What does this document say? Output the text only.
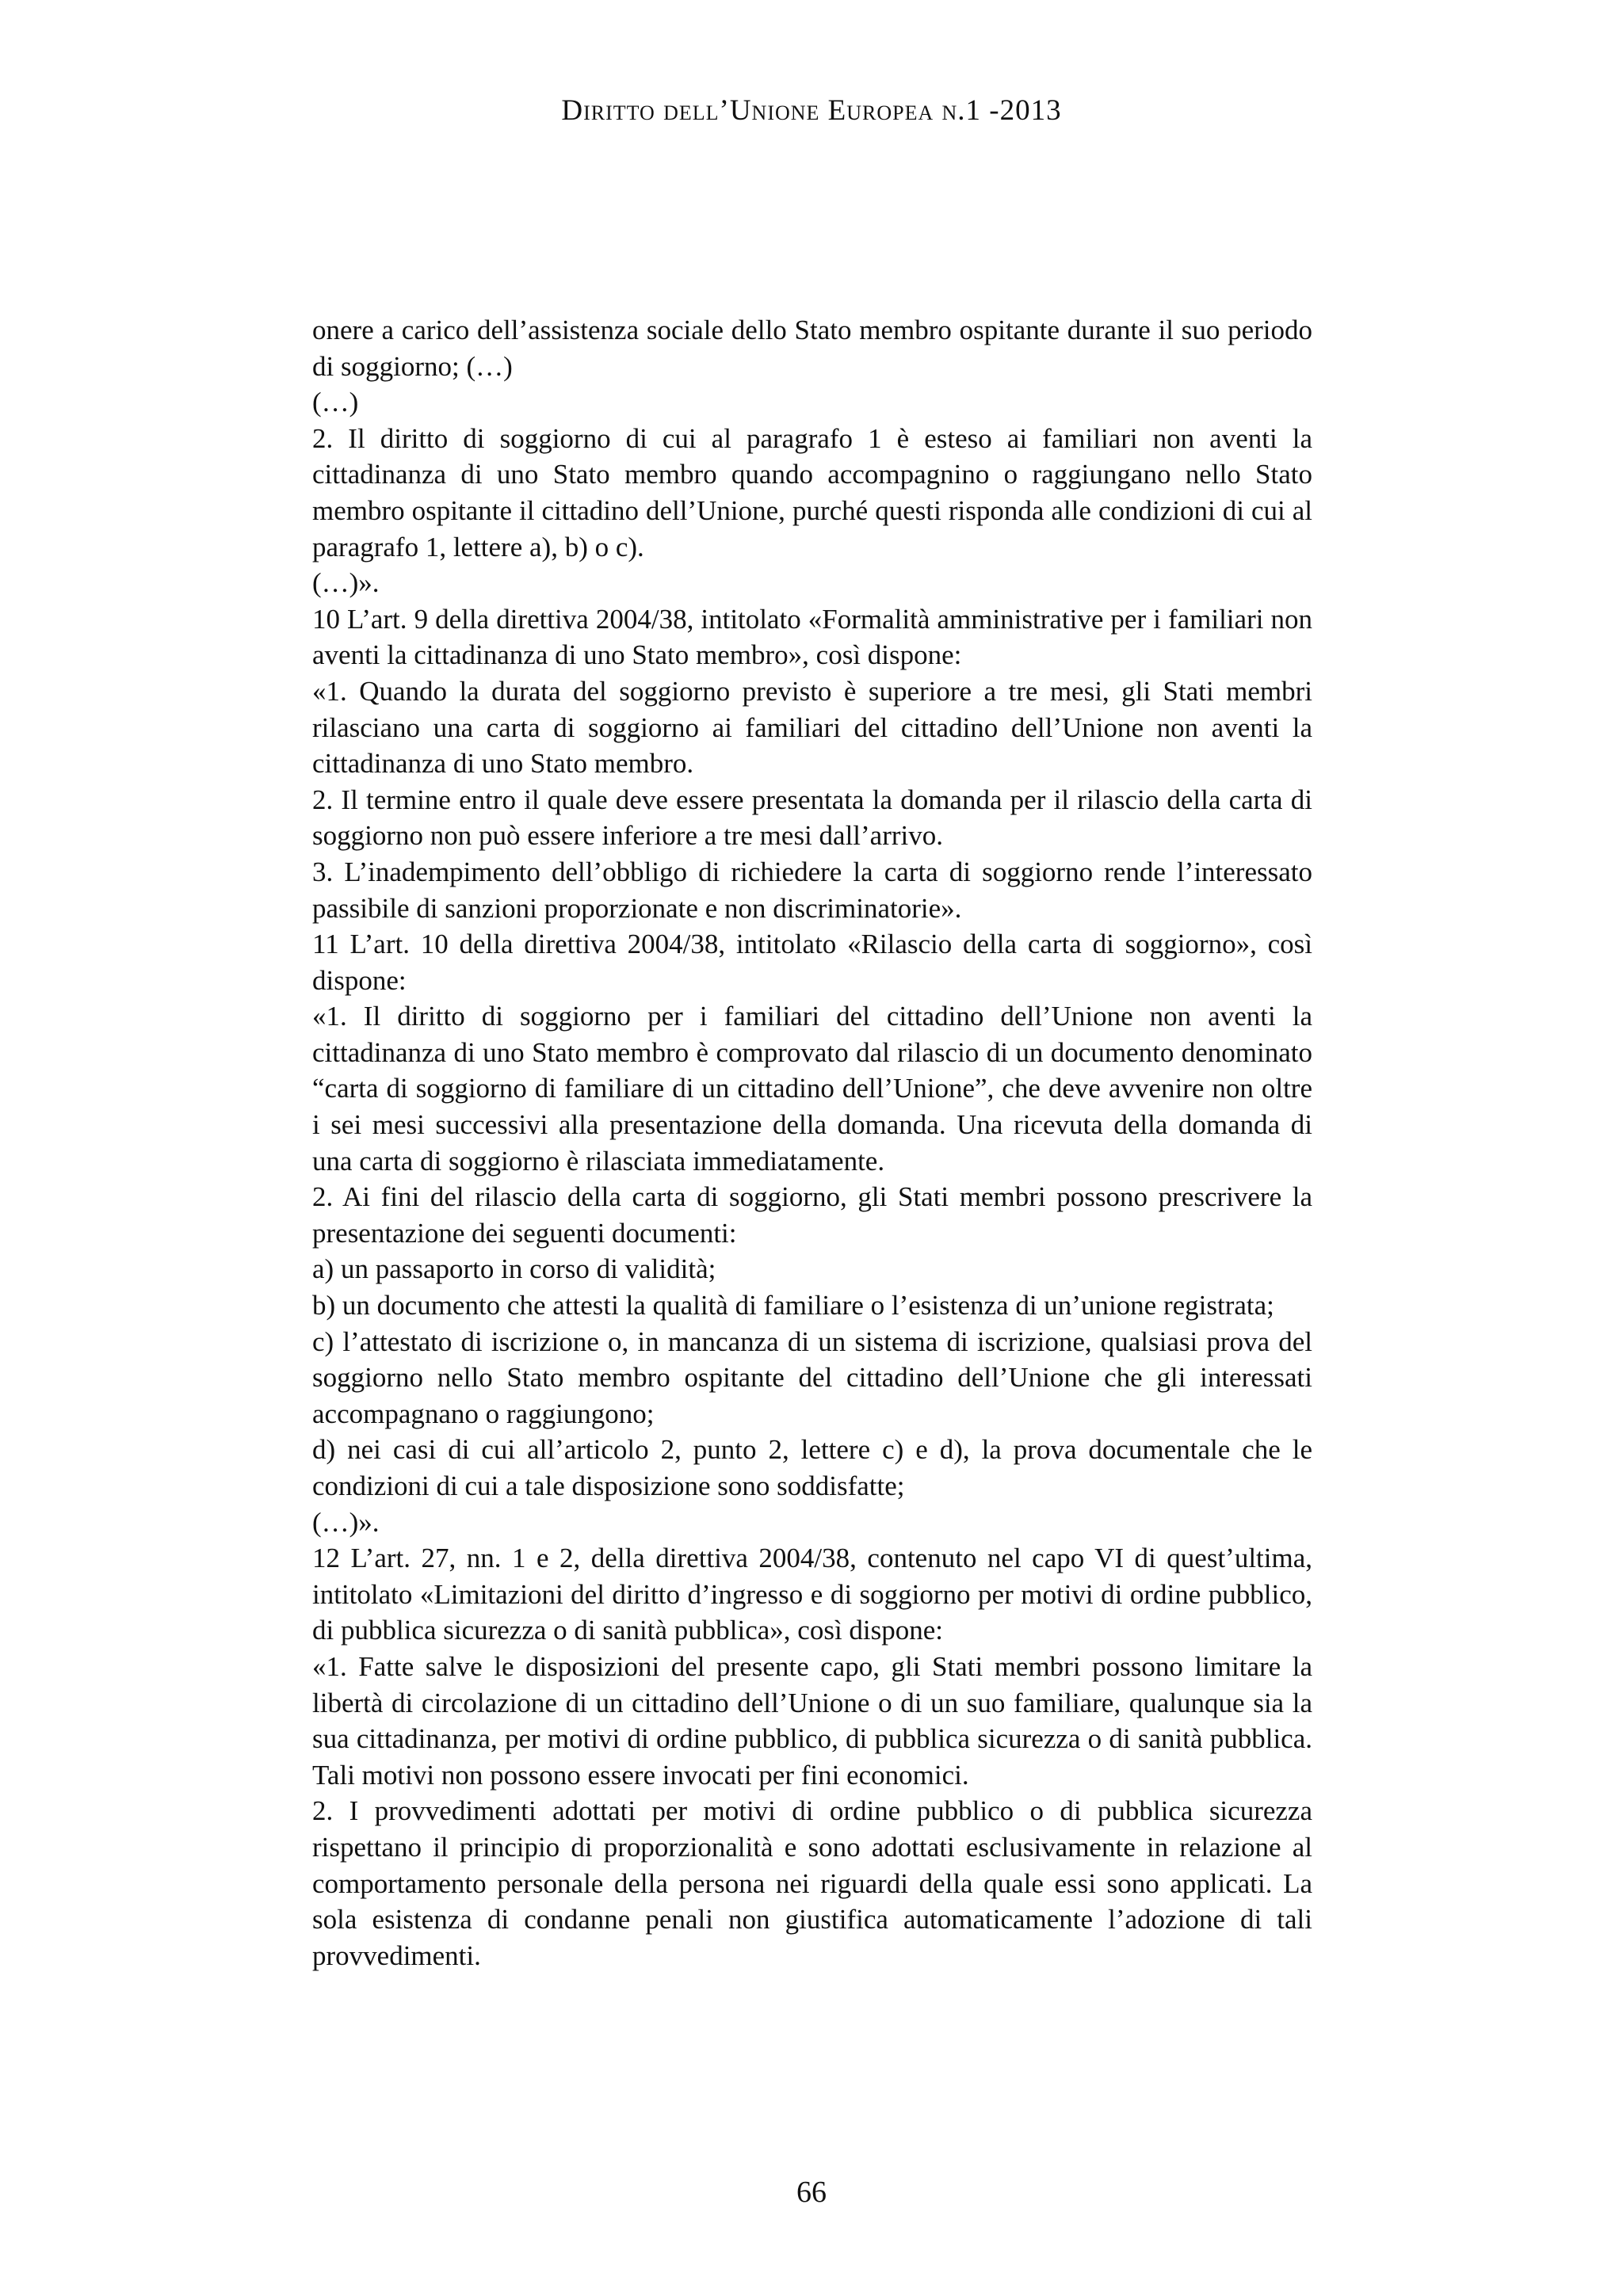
Diritto dell’Unione Europea n.1 -2013

onere a carico dell’assistenza sociale dello Stato membro ospitante durante il suo periodo di soggiorno; (…)

(…)

2. Il diritto di soggiorno di cui al paragrafo 1 è esteso ai familiari non aventi la cittadinanza di uno Stato membro quando accompagnino o raggiungano nello Stato membro ospitante il cittadino dell’Unione, purché questi risponda alle condizioni di cui al paragrafo 1, lettere a), b) o c).

(…)».

10 L’art. 9 della direttiva 2004/38, intitolato «Formalità amministrative per i familiari non aventi la cittadinanza di uno Stato membro», così dispone:

«1. Quando la durata del soggiorno previsto è superiore a tre mesi, gli Stati membri rilasciano una carta di soggiorno ai familiari del cittadino dell’Unione non aventi la cittadinanza di uno Stato membro.

2. Il termine entro il quale deve essere presentata la domanda per il rilascio della carta di soggiorno non può essere inferiore a tre mesi dall’arrivo.

3. L’inadempimento dell’obbligo di richiedere la carta di soggiorno rende l’interessato passibile di sanzioni proporzionate e non discriminatorie».

11 L’art. 10 della direttiva 2004/38, intitolato «Rilascio della carta di soggiorno», così dispone:

«1. Il diritto di soggiorno per i familiari del cittadino dell’Unione non aventi la cittadinanza di uno Stato membro è comprovato dal rilascio di un documento denominato “carta di soggiorno di familiare di un cittadino dell’Unione”, che deve avvenire non oltre i sei mesi successivi alla presentazione della domanda. Una ricevuta della domanda di una carta di soggiorno è rilasciata immediatamente.

2. Ai fini del rilascio della carta di soggiorno, gli Stati membri possono prescrivere la presentazione dei seguenti documenti:

a) un passaporto in corso di validità;

b) un documento che attesti la qualità di familiare o l’esistenza di un’unione registrata;

c) l’attestato di iscrizione o, in mancanza di un sistema di iscrizione, qualsiasi prova del soggiorno nello Stato membro ospitante del cittadino dell’Unione che gli interessati accompagnano o raggiungono;

d) nei casi di cui all’articolo 2, punto 2, lettere c) e d), la prova documentale che le condizioni di cui a tale disposizione sono soddisfatte;

(…)».

12 L’art. 27, nn. 1 e 2, della direttiva 2004/38, contenuto nel capo VI di quest’ultima, intitolato «Limitazioni del diritto d’ingresso e di soggiorno per motivi di ordine pubblico, di pubblica sicurezza o di sanità pubblica», così dispone:

«1. Fatte salve le disposizioni del presente capo, gli Stati membri possono limitare la libertà di circolazione di un cittadino dell’Unione o di un suo familiare, qualunque sia la sua cittadinanza, per motivi di ordine pubblico, di pubblica sicurezza o di sanità pubblica. Tali motivi non possono essere invocati per fini economici.

2. I provvedimenti adottati per motivi di ordine pubblico o di pubblica sicurezza rispettano il principio di proporzionalità e sono adottati esclusivamente in relazione al comportamento personale della persona nei riguardi della quale essi sono applicati. La sola esistenza di condanne penali non giustifica automaticamente l’adozione di tali provvedimenti.

66
